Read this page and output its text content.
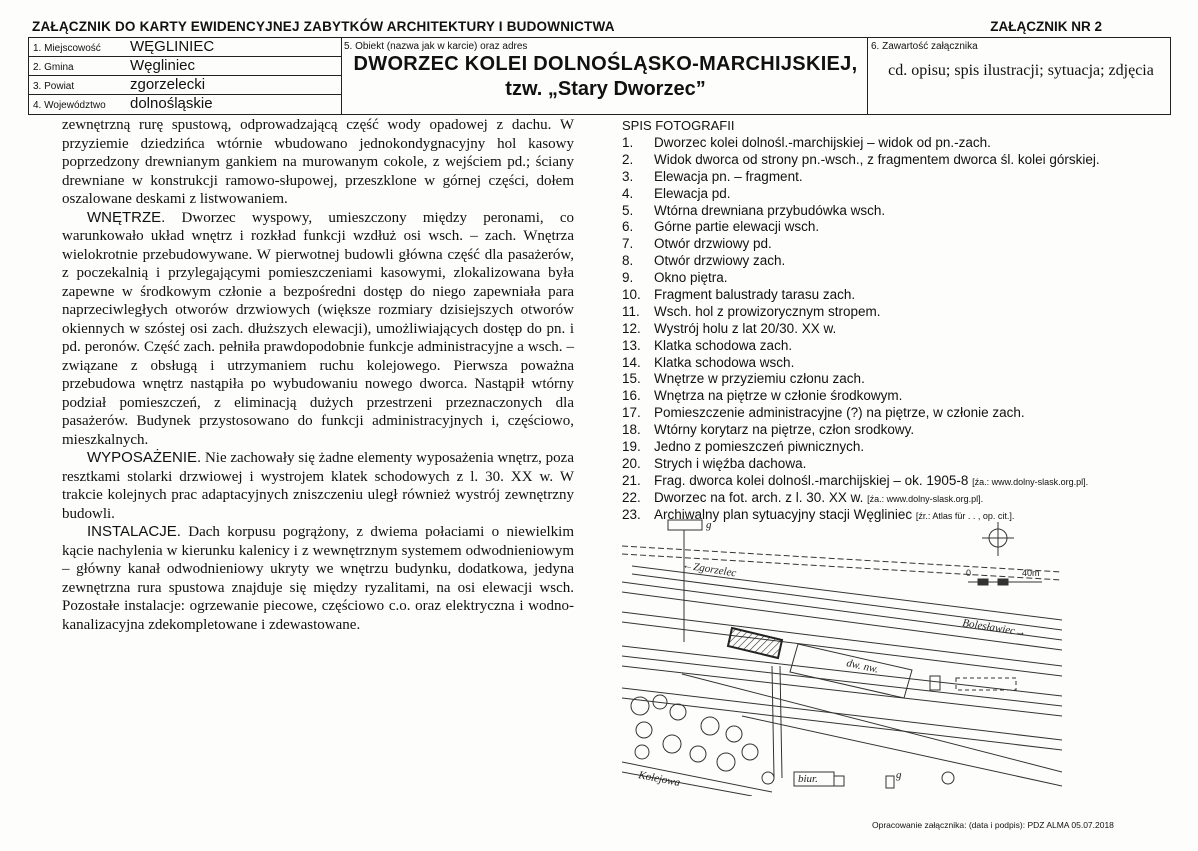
ZAŁĄCZNIK DO KARTY EWIDENCYJNEJ ZABYTKÓW ARCHITEKTURY I BUDOWNICTWA	ZAŁĄCZNIK NR 2
1. Miejscowość WĘGLINIEC
2. Gmina	Węgliniec
3. Powiat	zgorzelecki
4. Województwo dolnośląskie
5. Obiekt (nazwa jak w karcie) oraz adres
DWORZEC KOLEI DOLNOŚLĄSKO-MARCHIJSKIEJ,
tzw. „Stary Dworzec”
6. Zawartość załącznika
cd. opisu; spis ilustracji; sytuacja; zdjęcia

zewnętrzną rurę spustową, odprowadzającą część wody opadowej z dachu. W przyziemie dziedzińca wtórnie wbudowano jednokondygnacyjny hol kasowy poprzedzony drewnianym gankiem na murowanym cokole, z wejściem pd.; ściany drewniane w konstrukcji ramowo-słupowej, przeszklone w górnej części, dołem oszalowane deskami z listwowaniem.

WNĘTRZE. Dworzec wyspowy, umieszczony między peronami, co warunkowało układ wnętrz i rozkład funkcji wzdłuż osi wsch. – zach. Wnętrza wielokrotnie przebudowywane. W pierwotnej budowli główna część dla pasażerów, z poczekalnią i przylegającymi pomieszczeniami kasowymi, zlokalizowana była zapewne w środkowym członie a bezpośredni dostęp do niego zapewniała para naprzeciwległych otworów drzwiowych (większe rozmiary dzisiejszych otworów okiennych w szóstej osi zach. dłuższych elewacji), umożliwiających dostęp do pn. i pd. peronów. Część zach. pełniła prawdopodobnie funkcje administracyjne a wsch. – związane z obsługą i utrzymaniem ruchu kolejowego. Pierwsza poważna przebudowa wnętrz nastąpiła po wybudowaniu nowego dworca. Nastąpił wtórny podział pomieszczeń, z eliminacją dużych przestrzeni przeznaczonych dla pasażerów. Budynek przystosowano do funkcji administracyjnych i, częściowo, mieszkalnych.

WYPOSAŻENIE. Nie zachowały się żadne elementy wyposażenia wnętrz, poza resztkami stolarki drzwiowej i wystrojem klatek schodowych z l. 30. XX w. W trakcie kolejnych prac adaptacyjnych zniszczeniu uległ również wystrój zewnętrzny budowli.

INSTALACJE. Dach korpusu pogrążony, z dwiema połaciami o niewielkim kącie nachylenia w kierunku kalenicy i z wewnętrznym systemem odwodnieniowym – główny kanał odwodnieniowy ukryty we wnętrzu budynku, dodatkowa, jedyna zewnętrzna rura spustowa znajduje się między ryzalitami, na osi elewacji wsch. Pozostałe instalacje: ogrzewanie piecowe, częściowo c.o. oraz elektryczna i wodno-kanalizacyjna zdekompletowane i zdewastowane.

SPIS FOTOGRAFII
1.	Dworzec kolei dolnośl.-marchijskiej – widok od pn.-zach.
2.	Widok dworca od strony pn.-wsch., z fragmentem dworca śl. kolei górskiej.
3.	Elewacja pn. – fragment.
4.	Elewacja pd.
5.	Wtórna drewniana przybudówka wsch.
6.	Górne partie elewacji wsch.
7.	Otwór drzwiowy pd.
8.	Otwór drzwiowy zach.
9.	Okno piętra.
10. Fragment balustrady tarasu zach.
11.	Wsch. hol z prowizorycznym stropem.
12. Wystrój holu z lat 20/30. XX w.
13. Klatka schodowa zach.
14. Klatka schodowa wsch.
15. Wnętrze w przyziemiu członu zach.
16. Wnętrza na piętrze w członie środkowym.
17. Pomieszczenie administracyjne (?) na piętrze, w członie zach.
18. Wtórny korytarz na piętrze, człon srodkowy.
19. Jedno z pomieszczeń piwnicznych.
20. Strych i więźba dachowa.
21. Frag. dworca kolei dolnośl.-marchijskiej – ok. 1905-8 [źa.: www.dolny-slask.org.pl].
22. Dworzec na fot. arch. z l. 30. XX w. [źa.: www.dolny-slask.org.pl].
23. Archiwalny plan sytuacyjny stacji Węgliniec [źr.: Atlas für . . , op. cit.].
←Zgorzelec
Bolesławiec→
dw. nw.
biur.
Kolejowa
g
g
0	40m
Opracowanie załącznika: (data i podpis): PDZ ALMA 05.07.2018
